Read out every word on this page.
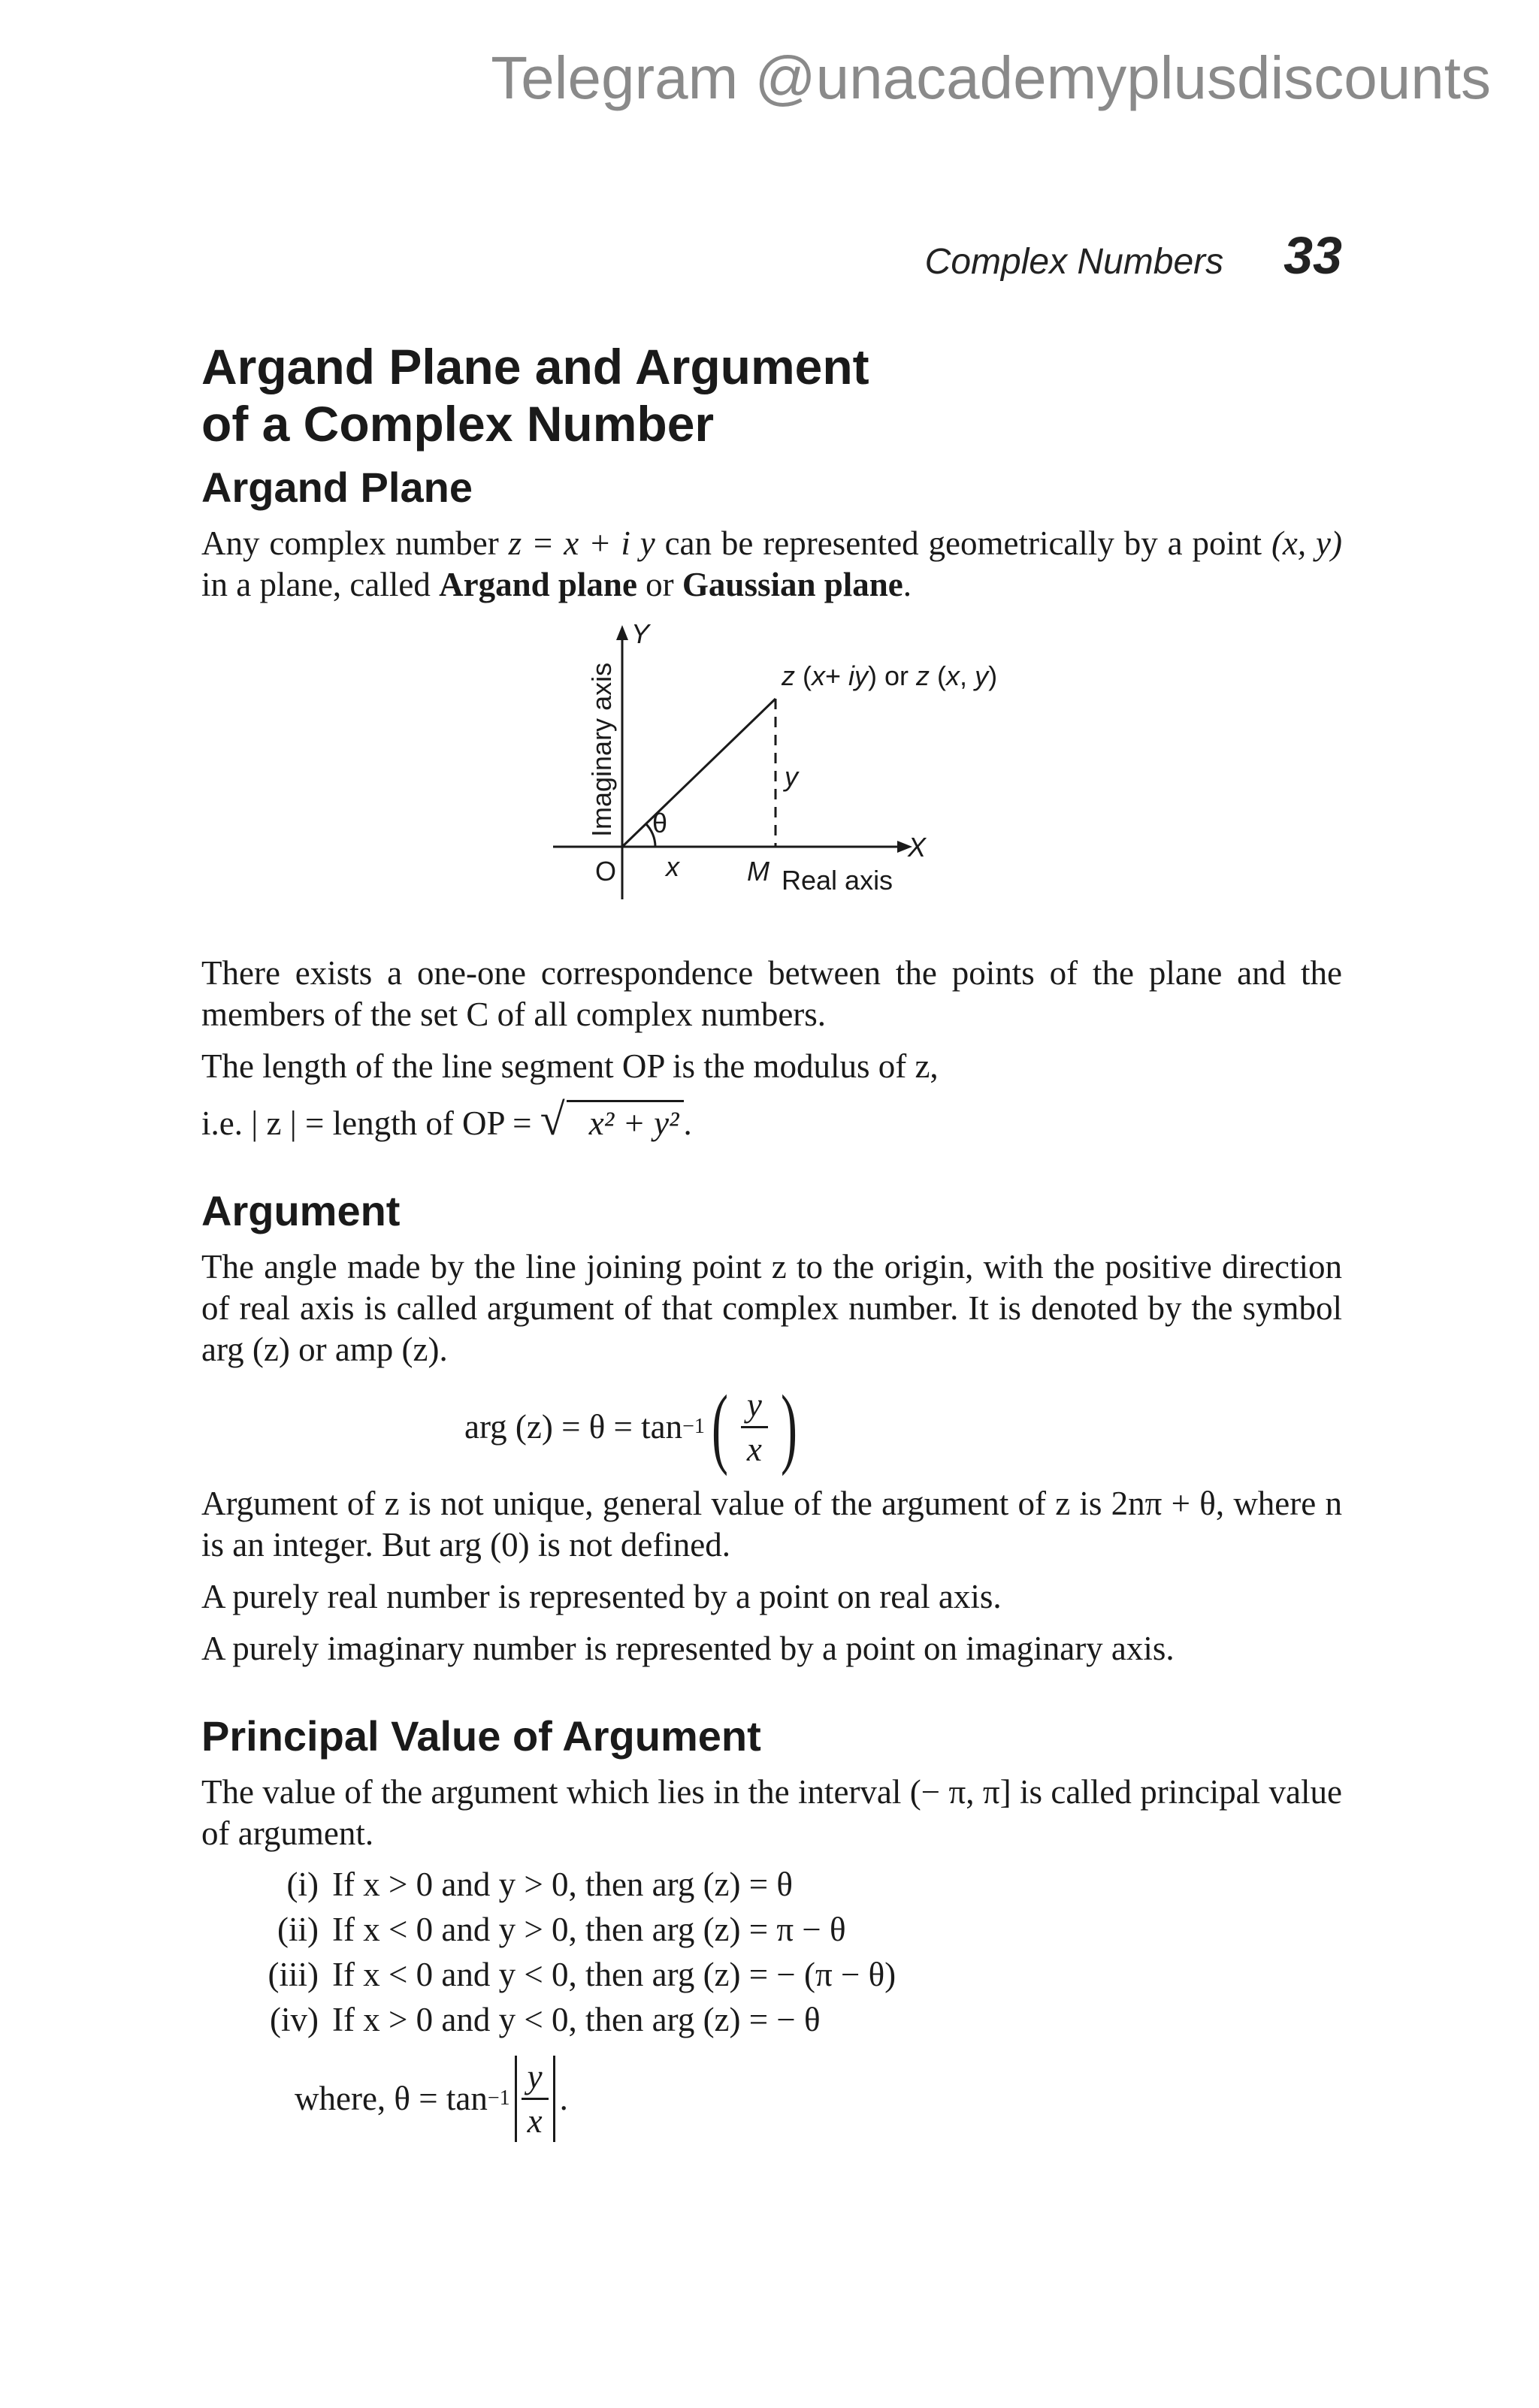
Telegram @unacademyplusdiscounts
Complex Numbers 33
Argand Plane and Argument
of a Complex Number
Argand Plane

Any complex number z = x + i y can be represented geometrically by a point (x, y) in a plane, called Argand plane or Gaussian plane.

Y
X
Imaginary axis	z (x+ iy) or z (x, y)
y
θ
O x	M Real axis

There exists a one-one correspondence between the points of the plane and the members of the set C of all complex numbers.

The length of the line segment OP is the modulus of z,

i.e. | z | = length of OP = √ x² + y² .
Argument

The angle made by the line joining point z to the origin, with the positive direction of real axis is called argument of that complex number. It is denoted by the symbol arg (z) or amp (z).

arg (z) = θ = tan −1 ( $\frac{y}{x}$ )

Argument of z is not unique, general value of the argument of z is 2nπ + θ, where n is an integer. But arg (0) is not defined.

A purely real number is represented by a point on real axis.

A purely imaginary number is represented by a point on imaginary axis.

Principal Value of Argument

The value of the argument which lies in the interval (− π, π] is called principal value of argument.

(i) If x > 0 and y > 0, then arg (z) = θ
(ii) If x < 0 and y > 0, then arg (z) = π − θ
(iii) If x < 0 and y < 0, then arg (z) = − (π − θ)
(iv) If x > 0 and y < 0, then arg (z) = − θ
where, $\theta = \tan -1 \frac{y}{x}$ .
